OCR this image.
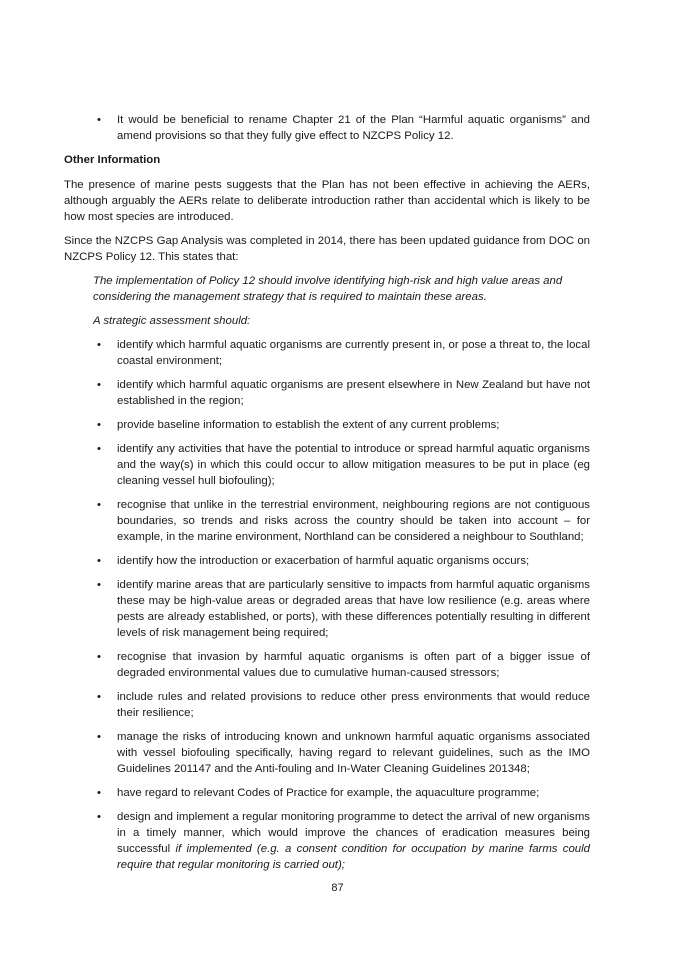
• It would be beneficial to rename Chapter 21 of the Plan “Harmful aquatic organisms” and amend provisions so that they fully give effect to NZCPS Policy 12.
Other Information
The presence of marine pests suggests that the Plan has not been effective in achieving the AERs, although arguably the AERs relate to deliberate introduction rather than accidental which is likely to be how most species are introduced.
Since the NZCPS Gap Analysis was completed in 2014, there has been updated guidance from DOC on NZCPS Policy 12. This states that:
The implementation of Policy 12 should involve identifying high-risk and high value areas and considering the management strategy that is required to maintain these areas.
A strategic assessment should:
• identify which harmful aquatic organisms are currently present in, or pose a threat to, the local coastal environment;
• identify which harmful aquatic organisms are present elsewhere in New Zealand but have not established in the region;
• provide baseline information to establish the extent of any current problems;
• identify any activities that have the potential to introduce or spread harmful aquatic organisms and the way(s) in which this could occur to allow mitigation measures to be put in place (eg cleaning vessel hull biofouling);
• recognise that unlike in the terrestrial environment, neighbouring regions are not contiguous boundaries, so trends and risks across the country should be taken into account – for example, in the marine environment, Northland can be considered a neighbour to Southland;
• identify how the introduction or exacerbation of harmful aquatic organisms occurs;
• identify marine areas that are particularly sensitive to impacts from harmful aquatic organisms these may be high-value areas or degraded areas that have low resilience (e.g. areas where pests are already established, or ports), with these differences potentially resulting in different levels of risk management being required;
• recognise that invasion by harmful aquatic organisms is often part of a bigger issue of degraded environmental values due to cumulative human-caused stressors;
• include rules and related provisions to reduce other press environments that would reduce their resilience;
• manage the risks of introducing known and unknown harmful aquatic organisms associated with vessel biofouling specifically, having regard to relevant guidelines, such as the IMO Guidelines 201147 and the Anti-fouling and In-Water Cleaning Guidelines 201348;
• have regard to relevant Codes of Practice for example, the aquaculture programme;
• design and implement a regular monitoring programme to detect the arrival of new organisms in a timely manner, which would improve the chances of eradication measures being successful if implemented (e.g. a consent condition for occupation by marine farms could require that regular monitoring is carried out);
87
